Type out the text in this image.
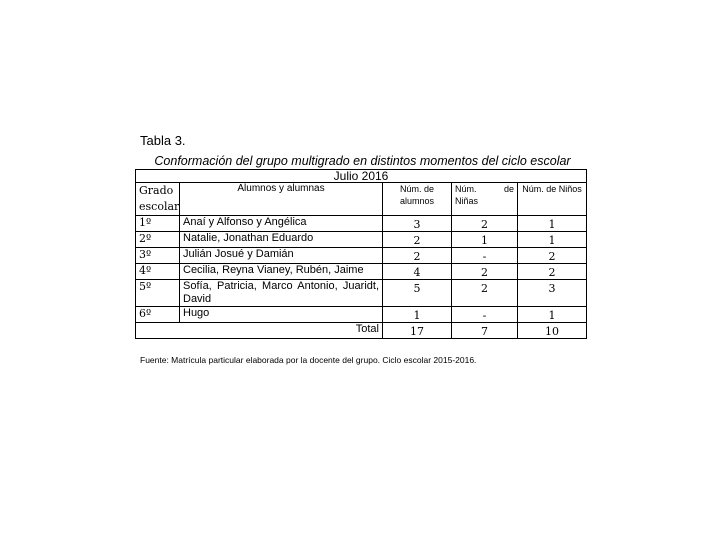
Tabla 3.
Conformación del grupo multigrado en distintos momentos del ciclo escolar
Julio 2016				
Grado escolar	Alumnos y alumnas	Núm. de alumnos	Núm. de Niñas	Núm. de Niños
1º	Anaí y Alfonso y Angélica	3	2	1
2º	Natalie, Jonathan Eduardo	2	1	1
3º	Julián Josué y Damián	2	-	2
4º	Cecilia, Reyna Vianey, Rubén, Jaime	4	2	2
5º	Sofía, Patricia, Marco Antonio, Juaridt, David	5	2	3
6º	Hugo	1	-	1
Total		17	7	10
Fuente: Matrícula particular elaborada por la docente del grupo. Ciclo escolar 2015-2016.
